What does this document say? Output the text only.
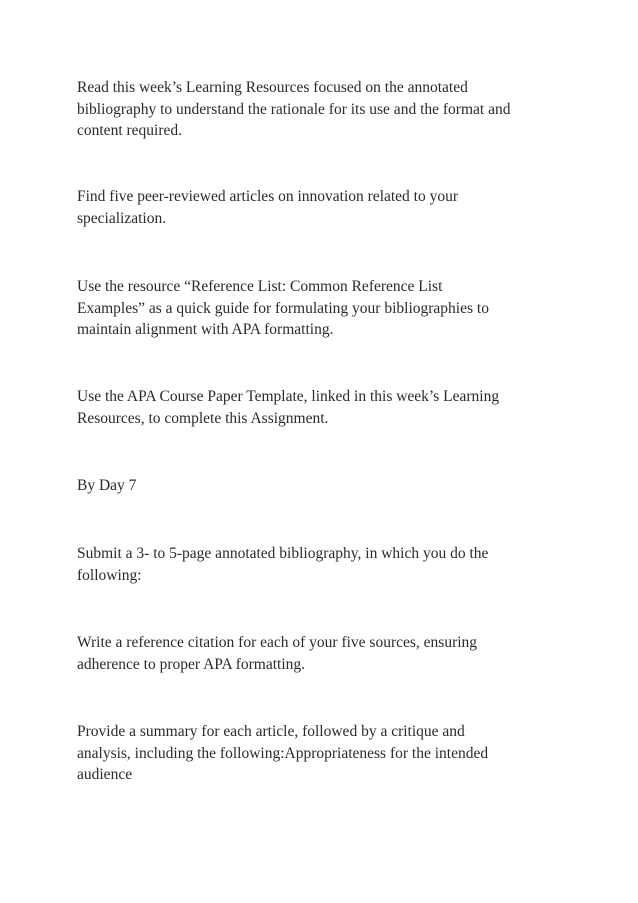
Read this week’s Learning Resources focused on the annotated
bibliography to understand the rationale for its use and the format and
content required.

Find five peer-reviewed articles on innovation related to your
specialization.

Use the resource “Reference List: Common Reference List
Examples” as a quick guide for formulating your bibliographies to
maintain alignment with APA formatting.

Use the APA Course Paper Template, linked in this week’s Learning
Resources, to complete this Assignment.

By Day 7

Submit a 3- to 5-page annotated bibliography, in which you do the
following:

Write a reference citation for each of your five sources, ensuring
adherence to proper APA formatting.

Provide a summary for each article, followed by a critique and
analysis, including the following:Appropriateness for the intended
audience
